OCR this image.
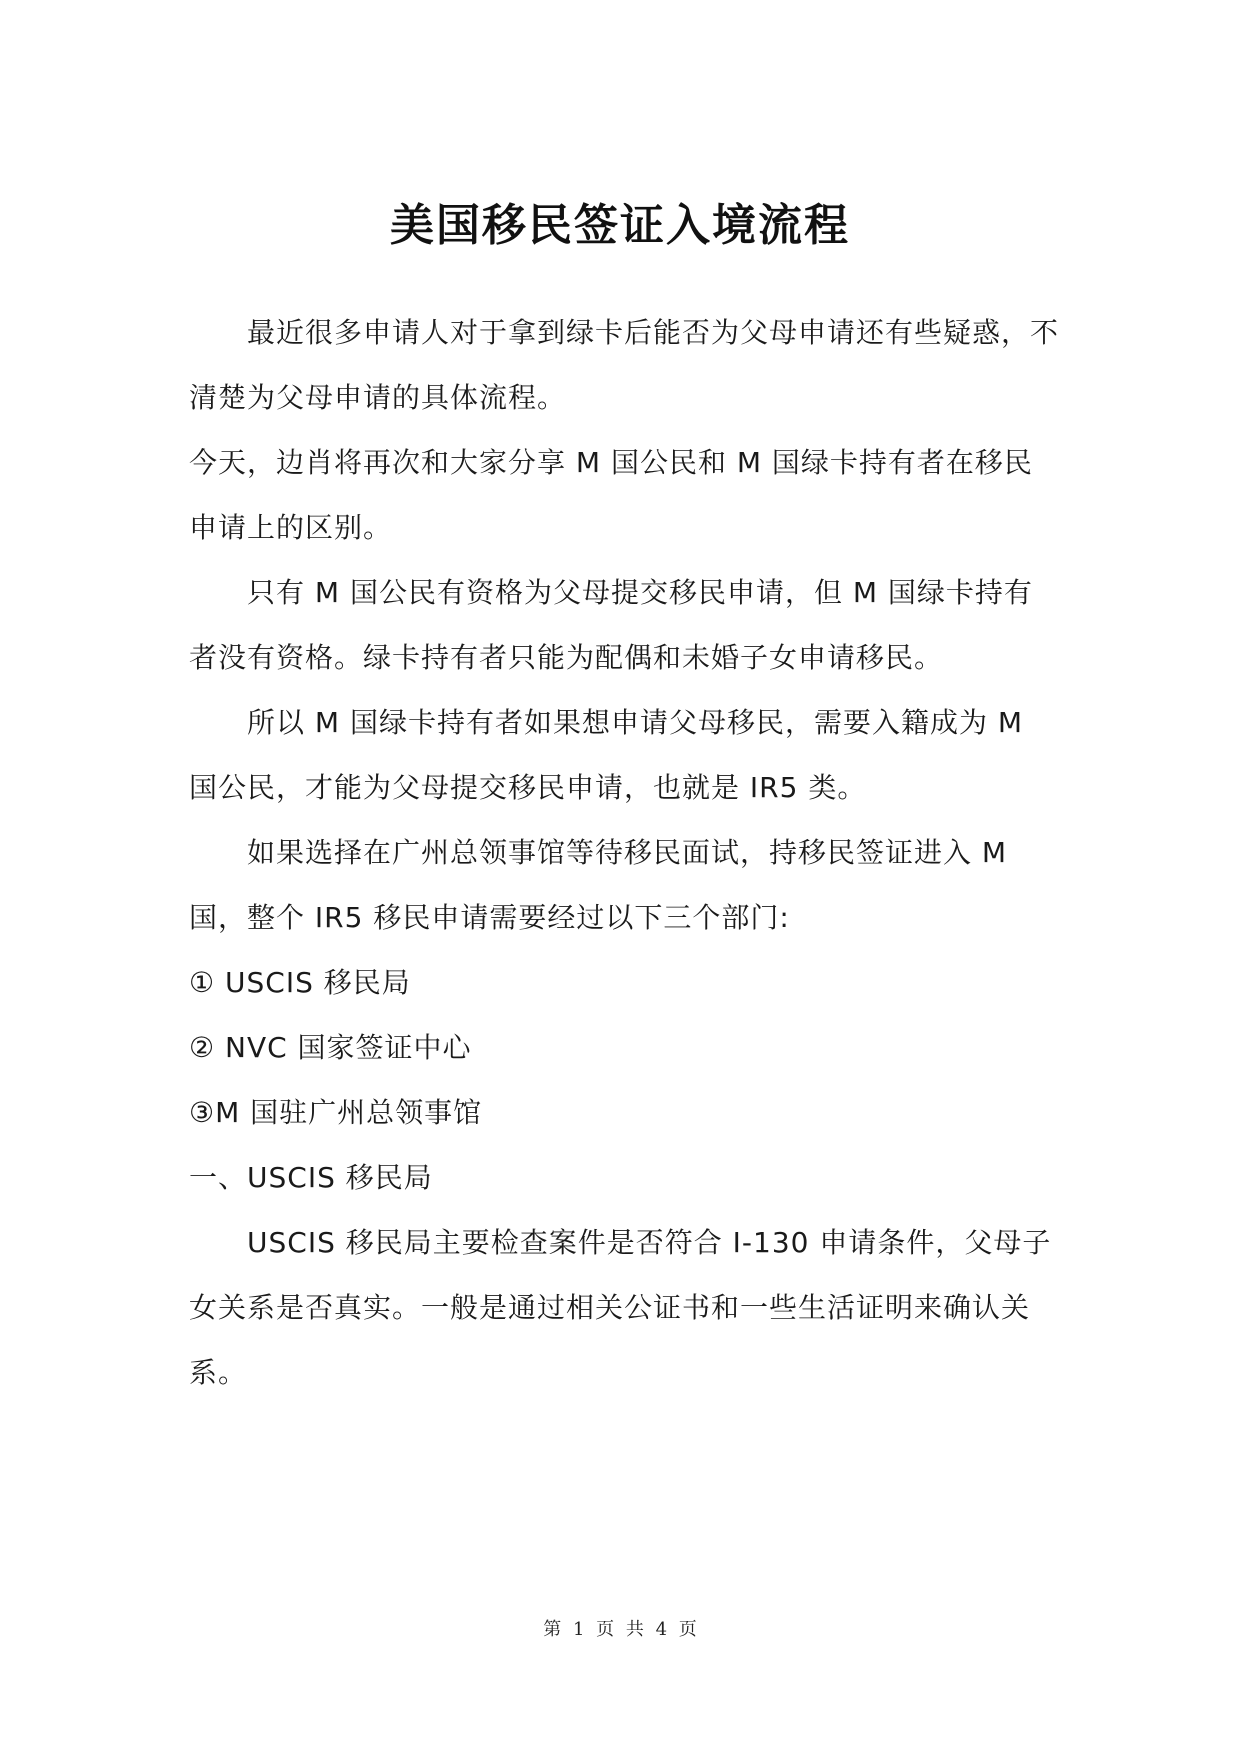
美国移民签证入境流程

最近很多申请人对于拿到绿卡后能否为父母申请还有些疑惑，不清楚为父母申请的具体流程。

今天，边肖将再次和大家分享 M 国公民和 M 国绿卡持有者在移民申请上的区别。

只有 M 国公民有资格为父母提交移民申请，但 M 国绿卡持有者没有资格。绿卡持有者只能为配偶和未婚子女申请移民。

所以 M 国绿卡持有者如果想申请父母移民，需要入籍成为 M 国公民，才能为父母提交移民申请，也就是 IR5 类。

如果选择在广州总领事馆等待移民面试，持移民签证进入 M 国，整个 IR5 移民申请需要经过以下三个部门:

① USCIS 移民局

② NVC 国家签证中心

③M 国驻广州总领事馆

一、USCIS 移民局

USCIS 移民局主要检查案件是否符合 I-130 申请条件，父母子女关系是否真实。一般是通过相关公证书和一些生活证明来确认关系。

第 1 页 共 4 页
